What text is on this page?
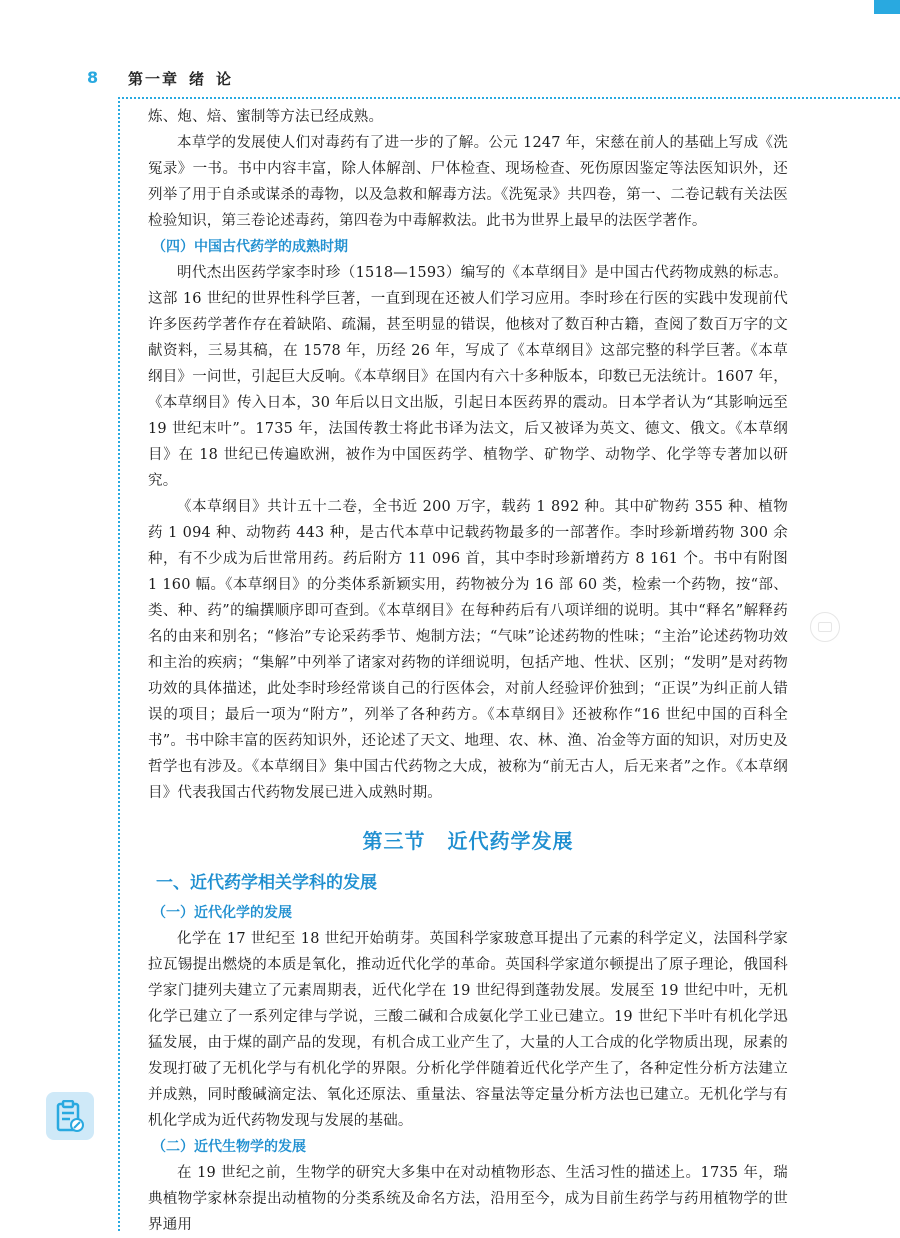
8 第一章 绪 论

炼、炮、焙、蜜制等方法已经成熟。

本草学的发展使人们对毒药有了进一步的了解。公元 1247 年，宋慈在前人的基础上写成《洗冤录》一书。书中内容丰富，除人体解剖、尸体检查、现场检查、死伤原因鉴定等法医知识外，还列举了用于自杀或谋杀的毒物，以及急救和解毒方法。《洗冤录》共四卷，第一、二卷记载有关法医检验知识，第三卷论述毒药，第四卷为中毒解救法。此书为世界上最早的法医学著作。

（四）中国古代药学的成熟时期

明代杰出医药学家李时珍（1518—1593）编写的《本草纲目》是中国古代药物成熟的标志。这部 16 世纪的世界性科学巨著，一直到现在还被人们学习应用。李时珍在行医的实践中发现前代许多医药学著作存在着缺陷、疏漏，甚至明显的错误，他核对了数百种古籍，查阅了数百万字的文献资料，三易其稿，在 1578 年，历经 26 年，写成了《本草纲目》这部完整的科学巨著。《本草纲目》一问世，引起巨大反响。《本草纲目》在国内有六十多种版本，印数已无法统计。1607 年，《本草纲目》传入日本，30 年后以日文出版，引起日本医药界的震动。日本学者认为“其影响远至 19 世纪末叶”。1735 年，法国传教士将此书译为法文，后又被译为英文、德文、俄文。《本草纲目》在 18 世纪已传遍欧洲，被作为中国医药学、植物学、矿物学、动物学、化学等专著加以研究。

《本草纲目》共计五十二卷，全书近 200 万字，载药 1 892 种。其中矿物药 355 种、植物药 1 094 种、动物药 443 种，是古代本草中记载药物最多的一部著作。李时珍新增药物 300 余种，有不少成为后世常用药。药后附方 11 096 首，其中李时珍新增药方 8 161 个。书中有附图 1 160 幅。《本草纲目》的分类体系新颖实用，药物被分为 16 部 60 类，检索一个药物，按“部、类、种、药”的编撰顺序即可查到。《本草纲目》在每种药后有八项详细的说明。其中“释名”解释药名的由来和别名；“修治”专论采药季节、炮制方法；“气味”论述药物的性味；“主治”论述药物功效和主治的疾病；“集解”中列举了诸家对药物的详细说明，包括产地、性状、区别；“发明”是对药物功效的具体描述，此处李时珍经常谈自己的行医体会，对前人经验评价独到；“正误”为纠正前人错误的项目；最后一项为“附方”，列举了各种药方。《本草纲目》还被称作“16 世纪中国的百科全书”。书中除丰富的医药知识外，还论述了天文、地理、农、林、渔、冶金等方面的知识，对历史及哲学也有涉及。《本草纲目》集中国古代药物之大成，被称为“前无古人，后无来者”之作。《本草纲目》代表我国古代药物发展已进入成熟时期。

第三节 近代药学发展
一、近代药学相关学科的发展
（一）近代化学的发展

化学在 17 世纪至 18 世纪开始萌芽。英国科学家玻意耳提出了元素的科学定义，法国科学家拉瓦锡提出燃烧的本质是氧化，推动近代化学的革命。英国科学家道尔顿提出了原子理论，俄国科学家门捷列夫建立了元素周期表，近代化学在 19 世纪得到蓬勃发展。发展至 19 世纪中叶，无机化学已建立了一系列定律与学说，三酸二碱和合成氨化学工业已建立。19 世纪下半叶有机化学迅猛发展，由于煤的副产品的发现，有机合成工业产生了，大量的人工合成的化学物质出现，尿素的发现打破了无机化学与有机化学的界限。分析化学伴随着近代化学产生了，各种定性分析方法建立并成熟，同时酸碱滴定法、氧化还原法、重量法、容量法等定量分析方法也已建立。无机化学与有机化学成为近代药物发现与发展的基础。

（二）近代生物学的发展

在 19 世纪之前，生物学的研究大多集中在对动植物形态、生活习性的描述上。1735 年，瑞典植物学家林奈提出动植物的分类系统及命名方法，沿用至今，成为目前生药学与药用植物学的世界通用
